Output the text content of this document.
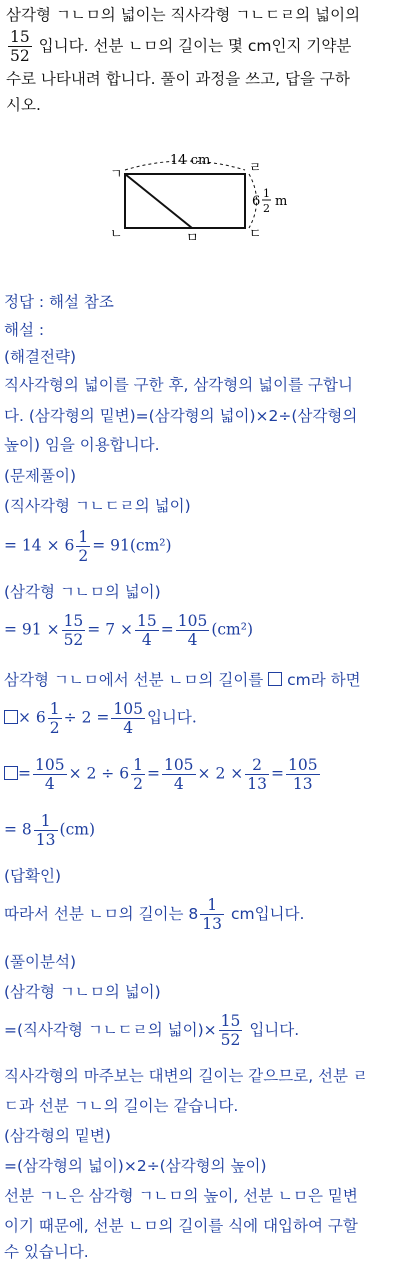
삼각형 ㄱㄴㅁ의 넓이는 직사각형 ㄱㄴㄷㄹ의 넓이의
$\frac{15}{52}$ 입니다. 선분 ㄴㅁ의 길이는 몇 cm인지 기약분
수로 나타내려 합니다. 풀이 과정을 쓰고, 답을 구하
시오.
ㄱ
ㄴ	ㄷ
ㄹ
ㅁ
14 cm
6
1
2 m
정답 : 해설 참조
해설 :
(해결전략)
직사각형의 넓이를 구한 후, 삼각형의 넓이를 구합니
다. (삼각형의 밑변)=(삼각형의 넓이)×2÷(삼각형의
높이) 임을 이용합니다.
(문제풀이)
(직사각형 ㄱㄴㄷㄹ의 넓이)
= $14 \times 6 \frac{1}{2} = 91(cm^2)$
(삼각형 ㄱㄴㅁ의 넓이)
= $91 \times \frac{15}{52} = 7 \times \frac{15}{4} = \frac{105}{4} (cm^2)$
삼각형 ㄱㄴㅁ에서 선분 ㄴㅁ의 길이를 cm라 하면
× $6 \frac{1}{2} \div 2 = \frac{105}{4}$ 입니다.
= $\frac{105}{4} \times 2 \div 6 \frac{1}{2} = \frac{105}{4} \times 2 \times \frac{2}{13} = \frac{105}{13}$
= $8 \frac{1}{13} (cm)$
(답확인)
따라서 선분 ㄴㅁ의 길이는 $8 \frac{1}{13}$ cm입니다.
(풀이분석)
(삼각형 ㄱㄴㅁ의 넓이)
=(직사각형 ㄱㄴㄷㄹ의 넓이)× $\frac{15}{52}$ 입니다.
직사각형의 마주보는 대변의 길이는 같으므로, 선분 ㄹ
ㄷ과 선분 ㄱㄴ의 길이는 같습니다.
(삼각형의 밑변)
=(삼각형의 넓이)×2÷(삼각형의 높이)
선분 ㄱㄴ은 삼각형 ㄱㄴㅁ의 높이, 선분 ㄴㅁ은 밑변
이기 때문에, 선분 ㄴㅁ의 길이를 식에 대입하여 구할
수 있습니다.
